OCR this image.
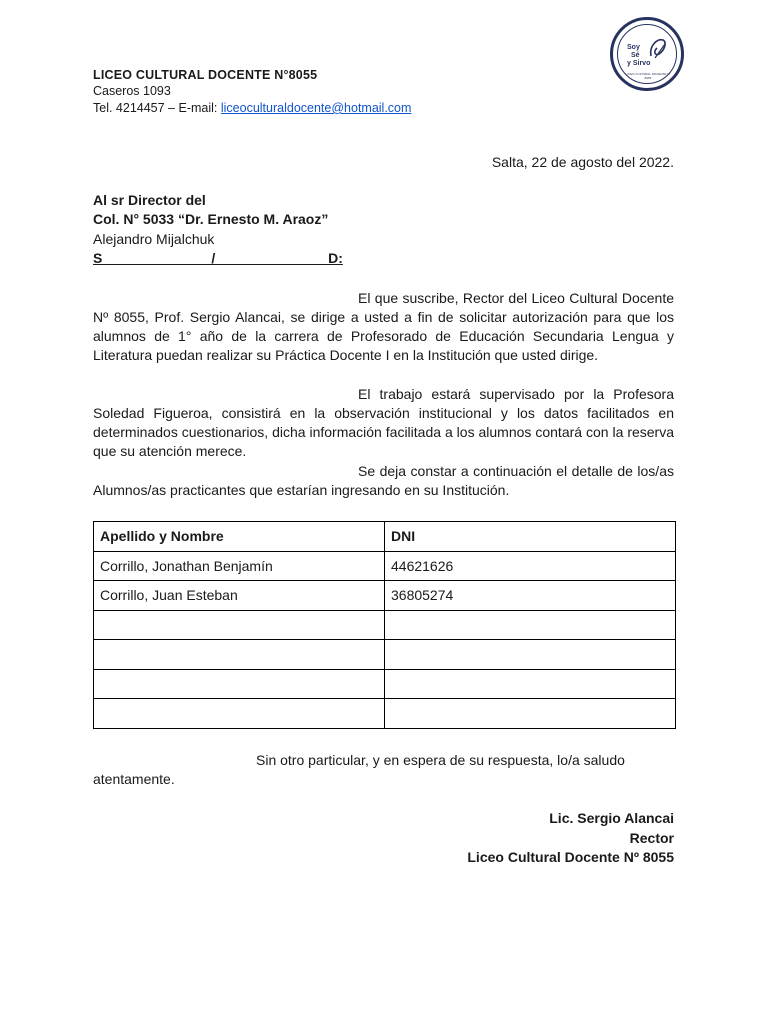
Soy
Sé
y Sirvo
LICEO CULTURAL DOCENTE Nº 8055
LICEO CULTURAL DOCENTE N°8055
Caseros 1093
Tel. 4214457 – E-mail: liceoculturaldocente@hotmail.com
Salta, 22 de agosto del 2022.
Al sr Director del
Col. N° 5033 “Dr. Ernesto M. Araoz”
Alejandro Mijalchuk
S_______ ______ /________ ______D:

El que suscribe, Rector del Liceo Cultural Docente Nº 8055, Prof. Sergio Alancai, se dirige a usted a fin de solicitar autorización para que los alumnos de 1° año de la carrera de Profesorado de Educación Secundaria Lengua y Literatura puedan realizar su Práctica Docente I en la Institución que usted dirige.

El trabajo estará supervisado por la Profesora Soledad Figueroa, consistirá en la observación institucional y los datos facilitados en determinados cuestionarios, dicha información facilitada a los alumnos contará con la reserva que su atención merece.

Se deja constar a continuación el detalle de los/as Alumnos/as practicantes que estarían ingresando en su Institución.

Apellido y Nombre	DNI
Corrillo, Jonathan Benjamín	44621626
Corrillo, Juan Esteban	36805274

Sin otro particular, y en espera de su respuesta, lo/a saludo
atentamente.
Lic. Sergio Alancai
Rector
Liceo Cultural Docente Nº 8055
